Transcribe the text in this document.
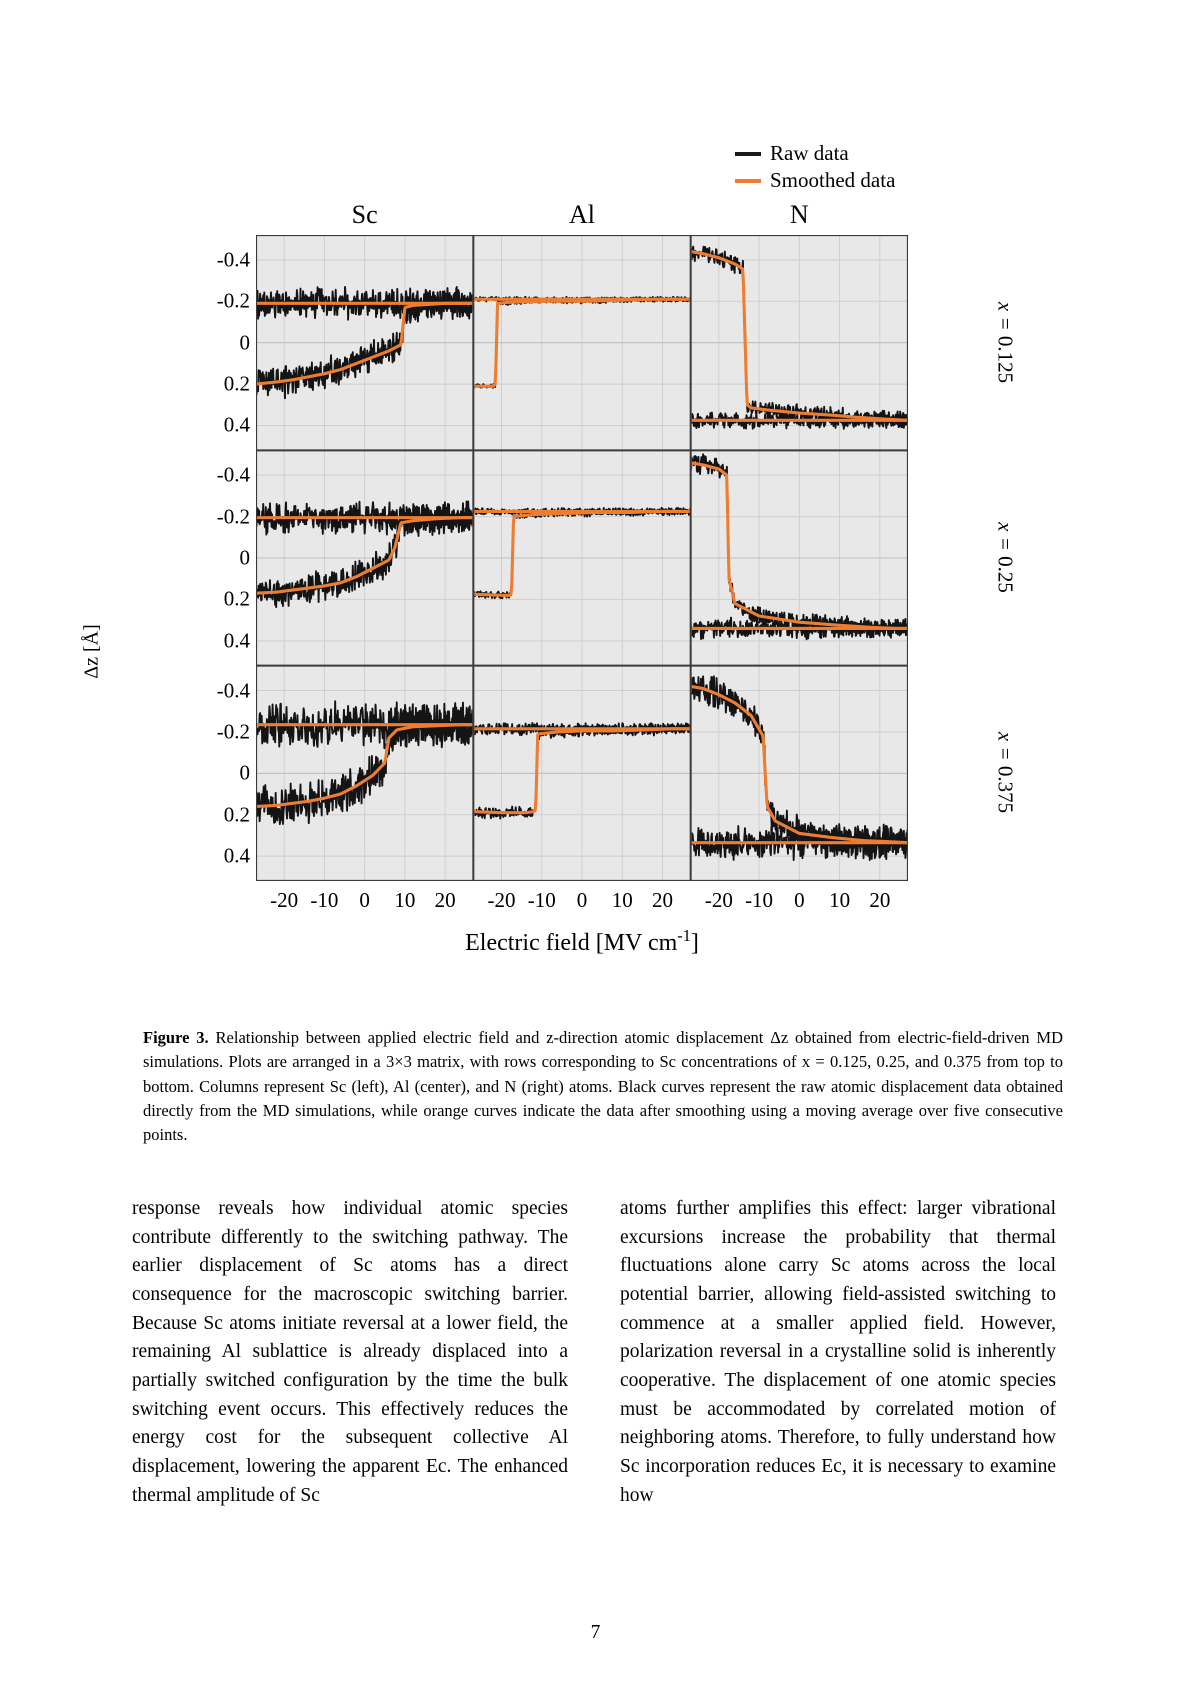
Raw data
Smoothed data
Sc	Al	N
Δz [Å]
0.4
0.2
0
-0.2
-0.4
0.4
0.2
0
-0.2
-0.4
0.4
0.2
0
-0.2
-0.4
-20 -10 0 10 20 -20 -10 0 10 20 -20 -10 0 10 20
x = 0.125
x = 0.25
x = 0.375
Electric field [MV $cm^{-1}$]
Figure 3. Relationship between applied electric field and z-direction atomic displacement Δz obtained from electric-field-driven MD simulations. Plots are arranged in a 3×3 matrix, with rows corresponding to Sc concentrations of x = 0.125, 0.25, and 0.375 from top to bottom. Columns represent Sc (left), Al (center), and N (right) atoms. Black curves represent the raw atomic displacement data obtained directly from the MD simulations, while orange curves indicate the data after smoothing using a moving average over five consecutive points.

response reveals how individual atomic species contribute differently to the switching pathway. The earlier displacement of Sc atoms has a direct consequence for the macroscopic switching barrier. Because Sc atoms initiate reversal at a lower field, the remaining Al sublattice is already displaced into a partially switched configuration by the time the bulk switching event occurs. This effectively reduces the energy cost for the subsequent collective Al displacement, lowering the apparent Ec. The enhanced thermal amplitude of Sc

atoms further amplifies this effect: larger vibrational excursions increase the probability that thermal fluctuations alone carry Sc atoms across the local potential barrier, allowing field-assisted switching to commence at a smaller applied field. However, polarization reversal in a crystalline solid is inherently cooperative. The displacement of one atomic species must be accommodated by correlated motion of neighboring atoms. Therefore, to fully understand how Sc incorporation reduces Ec, it is necessary to examine how

7
